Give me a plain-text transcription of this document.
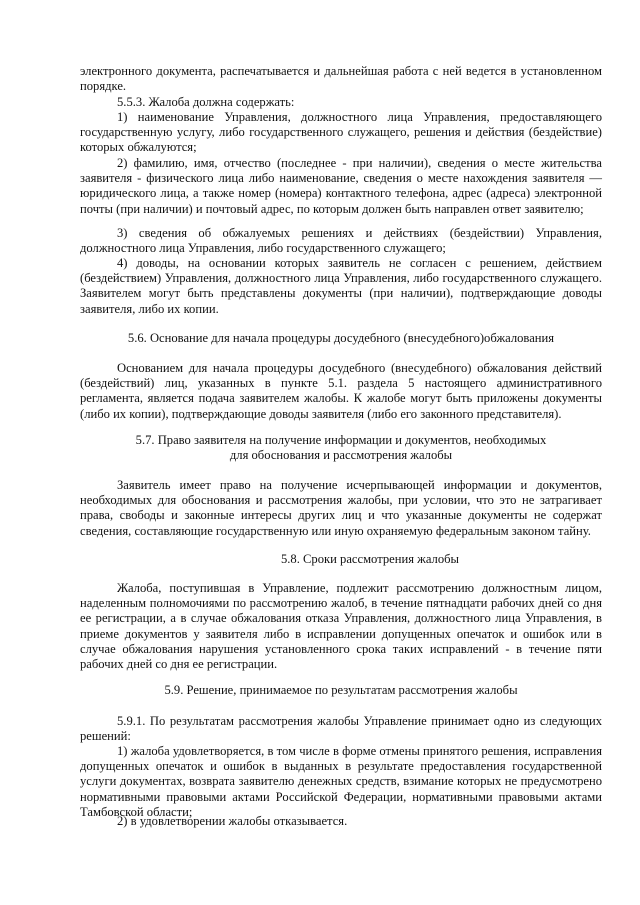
электронного документа, распечатывается и дальнейшая работа с ней ведется в установленном порядке.

5.5.3. Жалоба должна содержать:

1) наименование Управления, должностного лица Управления, предоставляющего государственную услугу, либо государственного служащего, решения и действия (бездействие) которых обжалуются;

2) фамилию, имя, отчество (последнее - при наличии), сведения о месте жительства заявителя - физического лица либо наименование, сведения о месте нахождения заявителя — юридического лица, а также номер (номера) контактного телефона, адрес (адреса) электронной почты (при наличии) и почтовый адрес, по которым должен быть направлен ответ заявителю;

3) сведения об обжалуемых решениях и действиях (бездействии) Управления, должностного лица Управления, либо государственного служащего;

4) доводы, на основании которых заявитель не согласен с решением, действием (бездействием) Управления, должностного лица Управления, либо государственного служащего. Заявителем могут быть представлены документы (при наличии), подтверждающие доводы заявителя, либо их копии.

5.6. Основание для начала процедуры досудебного (внесудебного)обжалования

Основанием для начала процедуры досудебного (внесудебного) обжалования действий (бездействий) лиц, указанных в пункте 5.1. раздела 5 настоящего административного регламента, является подача заявителем жалобы. К жалобе могут быть приложены документы (либо их копии), подтверждающие доводы заявителя (либо его законного представителя).

5.7. Право заявителя на получение информации и документов, необходимых для обоснования и рассмотрения жалобы

Заявитель имеет право на получение исчерпывающей информации и документов, необходимых для обоснования и рассмотрения жалобы, при условии, что это не затрагивает права, свободы и законные интересы других лиц и что указанные документы не содержат сведения, составляющие государственную или иную охраняемую федеральным законом тайну.

5.8. Сроки рассмотрения жалобы

Жалоба, поступившая в Управление, подлежит рассмотрению должностным лицом, наделенным полномочиями по рассмотрению жалоб, в течение пятнадцати рабочих дней со дня ее регистрации, а в случае обжалования отказа Управления, должностного лица Управления, в приеме документов у заявителя либо в исправлении допущенных опечаток и ошибок или в случае обжалования нарушения установленного срока таких исправлений - в течение пяти рабочих дней со дня ее регистрации.

5.9. Решение, принимаемое по результатам рассмотрения жалобы

5.9.1. По результатам рассмотрения жалобы Управление принимает одно из следующих решений:

1) жалоба удовлетворяется, в том числе в форме отмены принятого решения, исправления допущенных опечаток и ошибок в выданных в результате предоставления государственной услуги документах, возврата заявителю денежных средств, взимание которых не предусмотрено нормативными правовыми актами Российской Федерации, нормативными правовыми актами Тамбовской области;

2) в удовлетворении жалобы отказывается.
